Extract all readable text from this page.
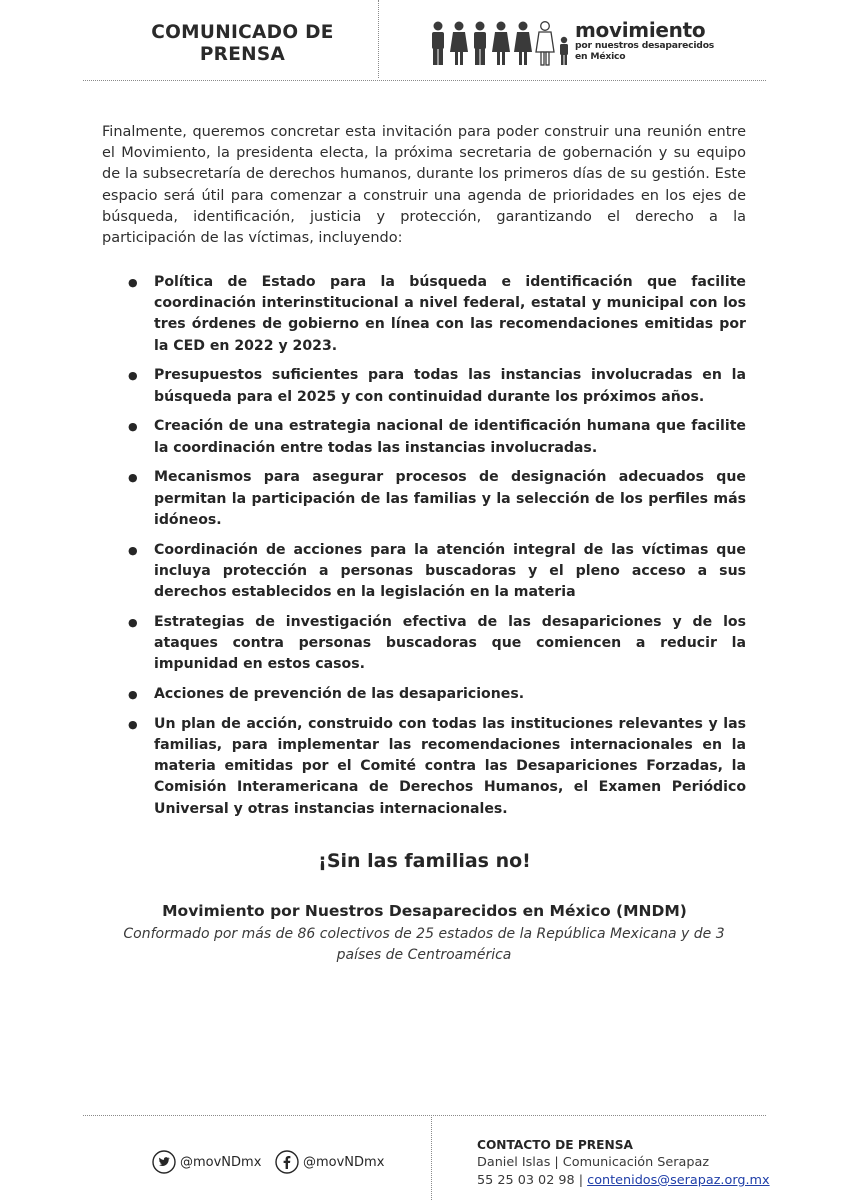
COMUNICADO DE PRENSA
movimiento
por nuestros desaparecidos
en México

Finalmente, queremos concretar esta invitación para poder construir una reunión entre el Movimiento, la presidenta electa, la próxima secretaria de gobernación y su equipo de la subsecretaría de derechos humanos, durante los primeros días de su gestión. Este espacio será útil para comenzar a construir una agenda de prioridades en los ejes de búsqueda, identificación, justicia y protección, garantizando el derecho a la participación de las víctimas, incluyendo:

● Política de Estado para la búsqueda e identificación que facilite coordinación interinstitucional a nivel federal, estatal y municipal con los tres órdenes de gobierno en línea con las recomendaciones emitidas por la CED en 2022 y 2023.
● Presupuestos suficientes para todas las instancias involucradas en la búsqueda para el 2025 y con continuidad durante los próximos años.
● Creación de una estrategia nacional de identificación humana que facilite la coordinación entre todas las instancias involucradas.
● Mecanismos para asegurar procesos de designación adecuados que permitan la participación de las familias y la selección de los perfiles más idóneos.
● Coordinación de acciones para la atención integral de las víctimas que incluya protección a personas buscadoras y el pleno acceso a sus derechos establecidos en la legislación en la materia
● Estrategias de investigación efectiva de las desapariciones y de los ataques contra personas buscadoras que comiencen a reducir la impunidad en estos casos.
● Acciones de prevención de las desapariciones.
● Un plan de acción, construido con todas las instituciones relevantes y las familias, para implementar las recomendaciones internacionales en la materia emitidas por el Comité contra las Desapariciones Forzadas, la Comisión Interamericana de Derechos Humanos, el Examen Periódico Universal y otras instancias internacionales.
¡Sin las familias no!
Movimiento por Nuestros Desaparecidos en México (MNDM)
Conformado por más de 86 colectivos de 25 estados de la República Mexicana y de 3 países de Centroamérica
@movNDmx	@movNDmx
CONTACTO DE PRENSA
Daniel Islas | Comunicación Serapaz
55 25 03 02 98 | contenidos@serapaz.org.mx
